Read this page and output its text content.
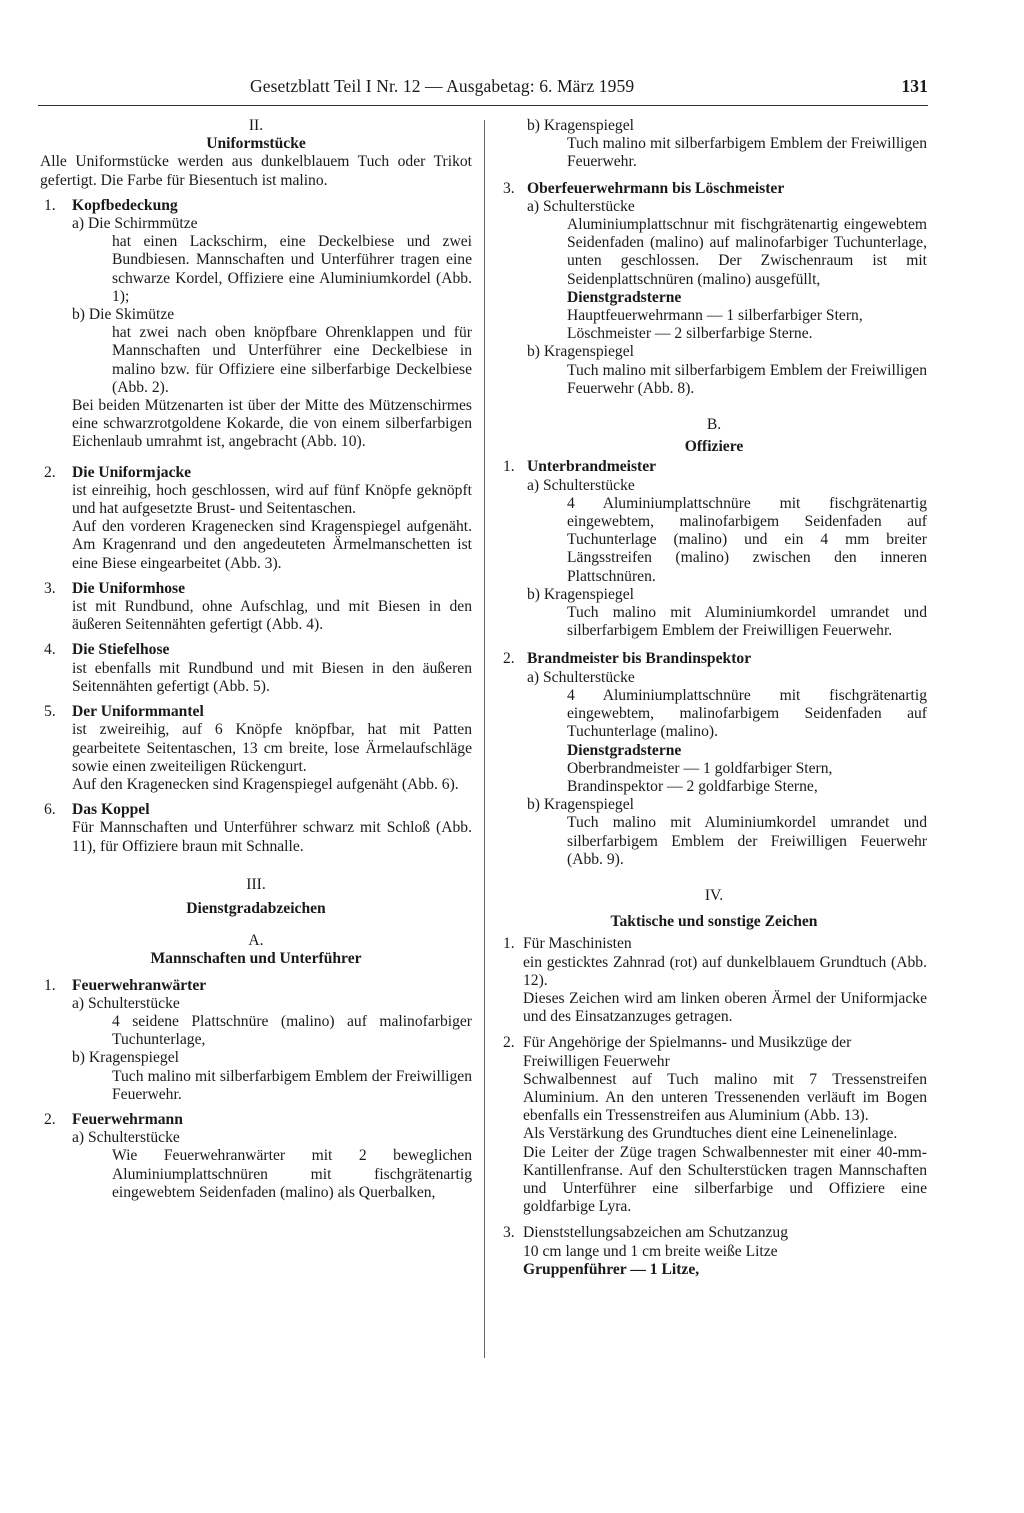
Gesetzblatt Teil I Nr. 12 — Ausgabetag: 6. März 1959	131
II.
Uniformstücke
Alle Uniformstücke werden aus dunkelblauem Tuch oder Trikot gefertigt. Die Farbe für Biesentuch ist malino.
1. Kopfbedeckung
a) Die Schirmmütze
hat einen Lackschirm, eine Deckelbiese und zwei Bundbiesen. Mannschaften und Unterführer tragen eine schwarze Kordel, Offiziere eine Aluminiumkordel (Abb. 1);
b) Die Skimütze
hat zwei nach oben knöpfbare Ohrenklappen und für Mannschaften und Unterführer eine Deckelbiese in malino bzw. für Offiziere eine silberfarbige Deckelbiese (Abb. 2).
Bei beiden Mützenarten ist über der Mitte des Mützenschirmes eine schwarzrotgoldene Kokarde, die von einem silberfarbigen Eichenlaub umrahmt ist, angebracht (Abb. 10).
2. Die Uniformjacke
ist einreihig, hoch geschlossen, wird auf fünf Knöpfe geknöpft und hat aufgesetzte Brust- und Seitentaschen.
Auf den vorderen Kragenecken sind Kragenspiegel aufgenäht. Am Kragenrand und den angedeuteten Ärmelmanschetten ist eine Biese eingearbeitet (Abb. 3).
3. Die Uniformhose
ist mit Rundbund, ohne Aufschlag, und mit Biesen in den äußeren Seitennähten gefertigt (Abb. 4).
4. Die Stiefelhose
ist ebenfalls mit Rundbund und mit Biesen in den äußeren Seitennähten gefertigt (Abb. 5).
5. Der Uniformmantel
ist zweireihig, auf 6 Knöpfe knöpfbar, hat mit Patten gearbeitete Seitentaschen, 13 cm breite, lose Ärmelaufschläge sowie einen zweiteiligen Rückengurt.
Auf den Kragenecken sind Kragenspiegel aufgenäht (Abb. 6).
6. Das Koppel
Für Mannschaften und Unterführer schwarz mit Schloß (Abb. 11), für Offiziere braun mit Schnalle.
III.
Dienstgradabzeichen
A.
Mannschaften und Unterführer
1. Feuerwehranwärter
a) Schulterstücke
4 seidene Plattschnüre (malino) auf malinofarbiger Tuchunterlage,
b) Kragenspiegel
Tuch malino mit silberfarbigem Emblem der Freiwilligen Feuerwehr.
2. Feuerwehrmann
a) Schulterstücke
Wie Feuerwehranwärter mit 2 beweglichen Aluminiumplattschnüren mit fischgrätenartig eingewebtem Seidenfaden (malino) als Querbalken,
b) Kragenspiegel
Tuch malino mit silberfarbigem Emblem der Freiwilligen Feuerwehr.
3. Oberfeuerwehrmann bis Löschmeister
a) Schulterstücke
Aluminiumplattschnur mit fischgrätenartig eingewebtem Seidenfaden (malino) auf malinofarbiger Tuchunterlage, unten geschlossen. Der Zwischenraum ist mit Seidenplattschnüren (malino) ausgefüllt,
Dienstgradsterne
Hauptfeuerwehrmann — 1 silberfarbiger Stern,
Löschmeister — 2 silberfarbige Sterne.
b) Kragenspiegel
Tuch malino mit silberfarbigem Emblem der Freiwilligen Feuerwehr (Abb. 8).
B.
Offiziere
1. Unterbrandmeister
a) Schulterstücke
4 Aluminiumplattschnüre mit fischgrätenartig eingewebtem, malinofarbigem Seidenfaden auf Tuchunterlage (malino) und ein 4 mm breiter Längsstreifen (malino) zwischen den inneren Plattschnüren.
b) Kragenspiegel
Tuch malino mit Aluminiumkordel umrandet und silberfarbigem Emblem der Freiwilligen Feuerwehr.
2. Brandmeister bis Brandinspektor
a) Schulterstücke
4 Aluminiumplattschnüre mit fischgrätenartig eingewebtem, malinofarbigem Seidenfaden auf Tuchunterlage (malino).
Dienstgradsterne
Oberbrandmeister — 1 goldfarbiger Stern,
Brandinspektor — 2 goldfarbige Sterne,
b) Kragenspiegel
Tuch malino mit Aluminiumkordel umrandet und silberfarbigem Emblem der Freiwilligen Feuerwehr (Abb. 9).
IV.
Taktische und sonstige Zeichen
1. Für Maschinisten
ein gesticktes Zahnrad (rot) auf dunkelblauem Grundtuch (Abb. 12).
Dieses Zeichen wird am linken oberen Ärmel der Uniformjacke und des Einsatzanzuges getragen.
2. Für Angehörige der Spielmanns- und Musikzüge der Freiwilligen Feuerwehr
Schwalbennest auf Tuch malino mit 7 Tressenstreifen Aluminium. An den unteren Tressenenden verläuft im Bogen ebenfalls ein Tressenstreifen aus Aluminium (Abb. 13).
Als Verstärkung des Grundtuches dient eine Leinenelinlage.
Die Leiter der Züge tragen Schwalbennester mit einer 40-mm-Kantillenfranse. Auf den Schulterstücken tragen Mannschaften und Unterführer eine silberfarbige und Offiziere eine goldfarbige Lyra.
3. Dienststellungsabzeichen am Schutzanzug
10 cm lange und 1 cm breite weiße Litze
Gruppenführer — 1 Litze,
